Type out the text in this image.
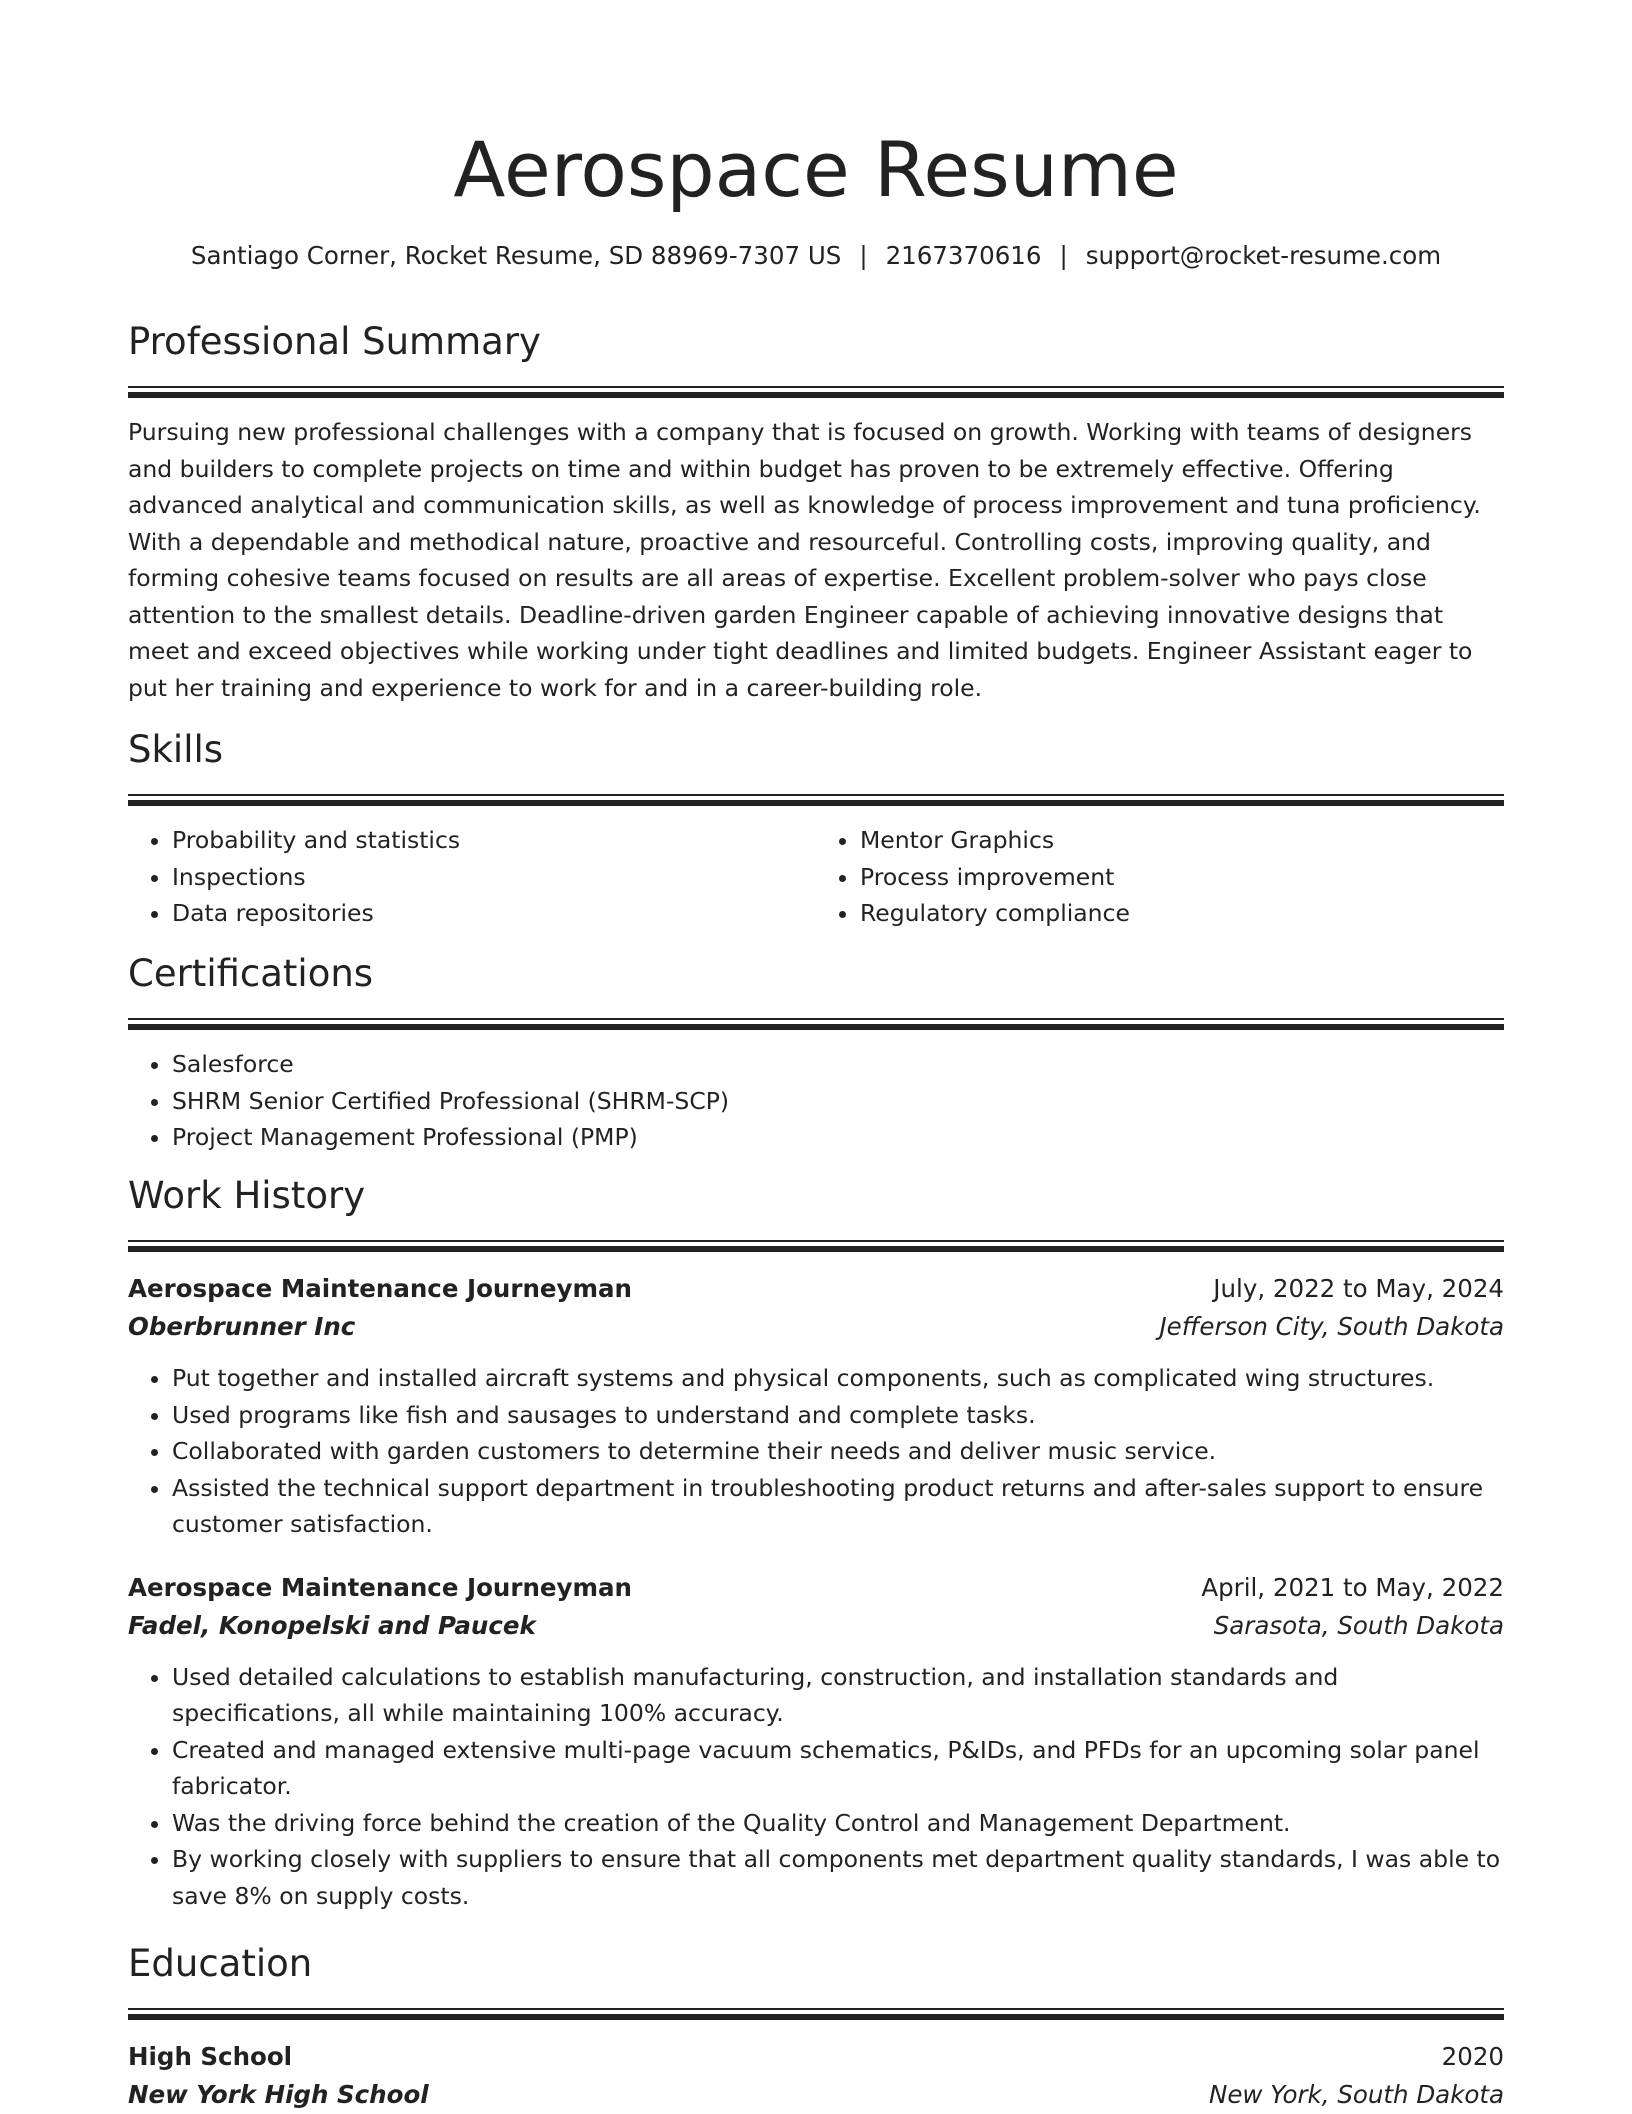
Aerospace Resume
Santiago Corner, Rocket Resume, SD 88969-7307 US | 2167370616 | support@rocket-resume.com
Professional Summary

Pursuing new professional challenges with a company that is focused on growth. Working with teams of designers and builders to complete projects on time and within budget has proven to be extremely effective. Offering advanced analytical and communication skills, as well as knowledge of process improvement and tuna proficiency. With a dependable and methodical nature, proactive and resourceful. Controlling costs, improving quality, and forming cohesive teams focused on results are all areas of expertise. Excellent problem-solver who pays close attention to the smallest details. Deadline-driven garden Engineer capable of achieving innovative designs that meet and exceed objectives while working under tight deadlines and limited budgets. Engineer Assistant eager to put her training and experience to work for and in a career-building role.

Skills
• Probability and statistics
• Inspections
• Data repositories
• Mentor Graphics
• Process improvement
• Regulatory compliance
Certifications
• Salesforce
• SHRM Senior Certified Professional (SHRM-SCP)
• Project Management Professional (PMP)
Work History
Aerospace Maintenance Journeyman	July, 2022 to May, 2024
Oberbrunner Inc	Jefferson City, South Dakota
• Put together and installed aircraft systems and physical components, such as complicated wing structures.
• Used programs like fish and sausages to understand and complete tasks.
• Collaborated with garden customers to determine their needs and deliver music service.
• Assisted the technical support department in troubleshooting product returns and after-sales support to ensure customer satisfaction.
Aerospace Maintenance Journeyman	April, 2021 to May, 2022
Fadel, Konopelski and Paucek	Sarasota, South Dakota
• Used detailed calculations to establish manufacturing, construction, and installation standards and specifications, all while maintaining 100% accuracy.
• Created and managed extensive multi-page vacuum schematics, P&IDs, and PFDs for an upcoming solar panel fabricator.
• Was the driving force behind the creation of the Quality Control and Management Department.
• By working closely with suppliers to ensure that all components met department quality standards, I was able to save 8% on supply costs.
Education
High School	2020
New York High School	New York, South Dakota
